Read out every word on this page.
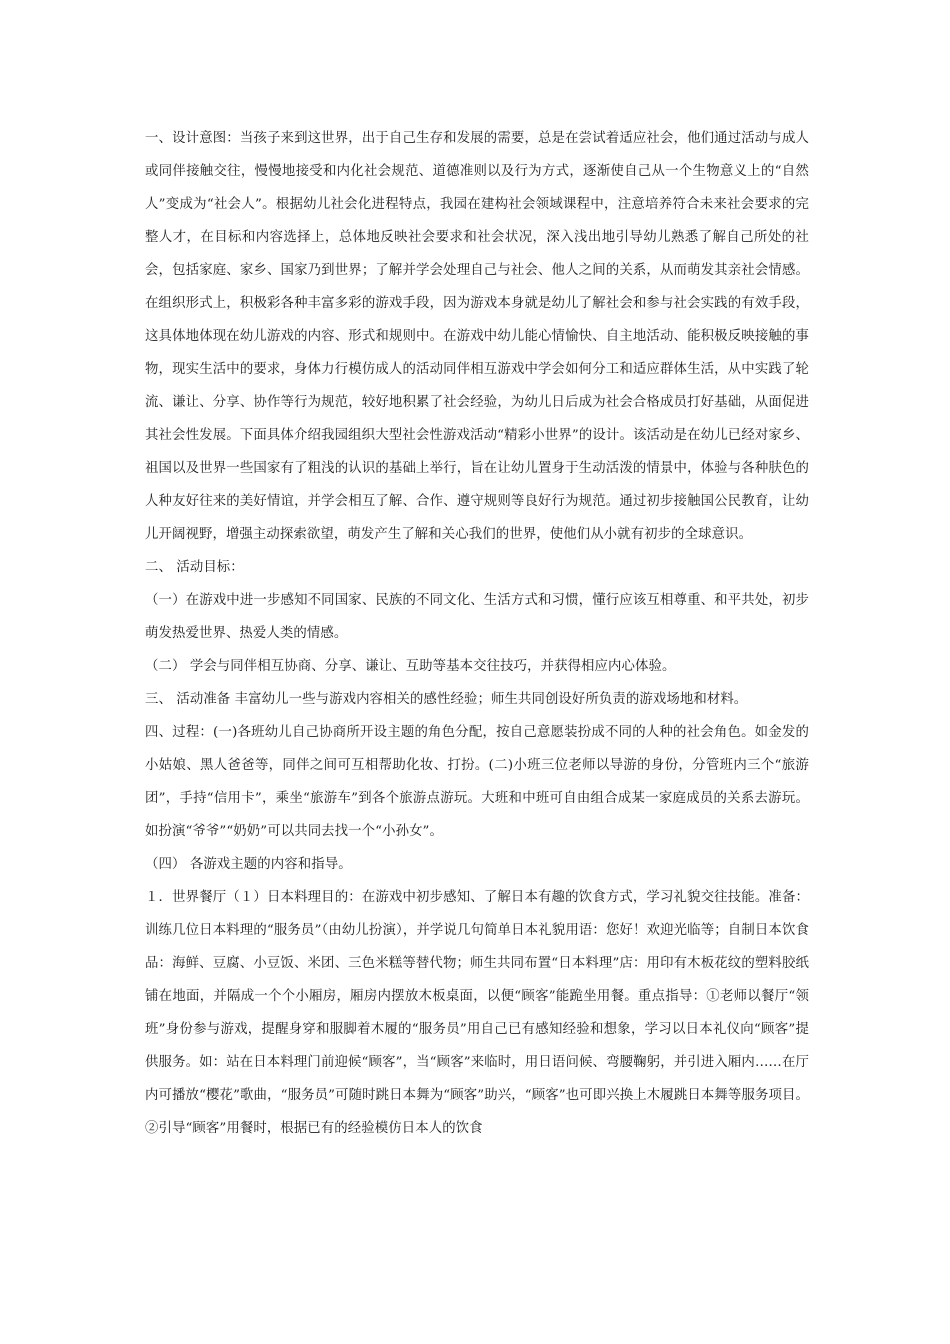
一、设计意图：当孩子来到这世界，出于自己生存和发展的需要，总是在尝试着适应社会，他们通过活动与成人或同伴接触交往，慢慢地接受和内化社会规范、道德准则以及行为方式，逐渐使自己从一个生物意义上的“自然人”变成为“社会人”。根据幼儿社会化进程特点，我园在建构社会领域课程中，注意培养符合未来社会要求的完整人才，在目标和内容选择上，总体地反映社会要求和社会状况，深入浅出地引导幼儿熟悉了解自己所处的社会，包括家庭、家乡、国家乃到世界；了解并学会处理自己与社会、他人之间的关系，从而萌发其亲社会情感。在组织形式上，积极彩各种丰富多彩的游戏手段，因为游戏本身就是幼儿了解社会和参与社会实践的有效手段，这具体地体现在幼儿游戏的内容、形式和规则中。在游戏中幼儿能心情愉快、自主地活动、能积极反映接触的事物，现实生活中的要求，身体力行模仿成人的活动同伴相互游戏中学会如何分工和适应群体生活，从中实践了轮流、谦让、分享、协作等行为规范，较好地积累了社会经验，为幼儿日后成为社会合格成员打好基础，从面促进其社会性发展。下面具体介绍我园组织大型社会性游戏活动“精彩小世界”的设计。该活动是在幼儿已经对家乡、祖国以及世界一些国家有了粗浅的认识的基础上举行，旨在让幼儿置身于生动活泼的情景中，体验与各种肤色的人种友好往来的美好情谊，并学会相互了解、合作、遵守规则等良好行为规范。通过初步接触国公民教育，让幼儿开阔视野，增强主动探索欲望，萌发产生了解和关心我们的世界，使他们从小就有初步的全球意识。

二、 活动目标：

（一）在游戏中进一步感知不同国家、民族的不同文化、生活方式和习惯，懂行应该互相尊重、和平共处，初步萌发热爱世界、热爱人类的情感。

（二） 学会与同伴相互协商、分享、谦让、互助等基本交往技巧，并获得相应内心体验。

三、 活动准备 丰富幼儿一些与游戏内容相关的感性经验；师生共同创设好所负责的游戏场地和材料。

四、过程：(一)各班幼儿自己协商所开设主题的角色分配，按自己意愿装扮成不同的人种的社会角色。如金发的小姑娘、黑人爸爸等，同伴之间可互相帮助化妆、打扮。(二)小班三位老师以导游的身份，分管班内三个“旅游团”，手持“信用卡”，乘坐“旅游车”到各个旅游点游玩。大班和中班可自由组合成某一家庭成员的关系去游玩。如扮演“爷爷”“奶奶”可以共同去找一个“小孙女”。

（四） 各游戏主题的内容和指导。

１．世界餐厅（１）日本料理目的：在游戏中初步感知、了解日本有趣的饮食方式，学习礼貌交往技能。准备：训练几位日本料理的“服务员”（由幼儿扮演），并学说几句简单日本礼貌用语：您好！欢迎光临等；自制日本饮食品：海鲜、豆腐、小豆饭、米团、三色米糕等替代物；师生共同布置“日本料理”店：用印有木板花纹的塑料胶纸铺在地面，并隔成一个个小厢房，厢房内摆放木板桌面，以便“顾客”能跪坐用餐。重点指导：①老师以餐厅“领班”身份参与游戏，提醒身穿和服脚着木履的“服务员”用自己已有感知经验和想象，学习以日本礼仪向“顾客”提供服务。如：站在日本料理门前迎候“顾客”，当“顾客”来临时，用日语问候、弯腰鞠躬，并引进入厢内……在厅内可播放“樱花”歌曲，“服务员”可随时跳日本舞为“顾客”助兴，“顾客”也可即兴换上木履跳日本舞等服务项目。②引导“顾客”用餐时，根据已有的经验模仿日本人的饮食
